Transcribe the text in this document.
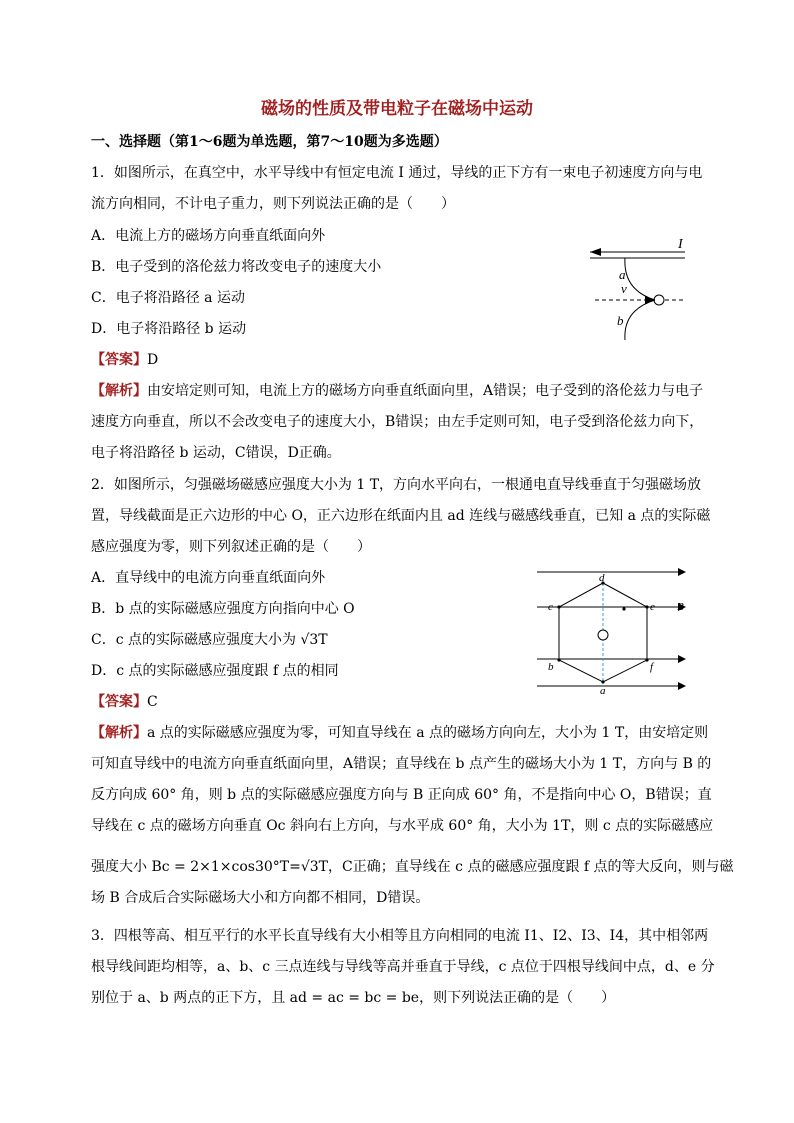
磁场的性质及带电粒子在磁场中运动
一、选择题（第1～6题为单选题，第7～10题为多选题）
1．如图所示，在真空中，水平导线中有恒定电流 I 通过，导线的正下方有一束电子初速度方向与电
流方向相同，不计电子重力，则下列说法正确的是（　　）
A．电流上方的磁场方向垂直纸面向外
B．电子受到的洛伦兹力将改变电子的速度大小
C．电子将沿路径 a 运动
D．电子将沿路径 b 运动
【答案】D
【解析】由安培定则可知，电流上方的磁场方向垂直纸面向里，A错误；电子受到的洛伦兹力与电子
速度方向垂直，所以不会改变电子的速度大小，B错误；由左手定则可知，电子受到洛伦兹力向下，
电子将沿路径 b 运动，C错误，D正确。
I
a
v
b
2．如图所示，匀强磁场磁感应强度大小为 1 T，方向水平向右，一根通电直导线垂直于匀强磁场放
置，导线截面是正六边形的中心 O，正六边形在纸面内且 ad 连线与磁感线垂直，已知 a 点的实际磁
感应强度为零，则下列叙述正确的是（　　）
A．直导线中的电流方向垂直纸面向外
B．b 点的实际磁感应强度方向指向中心 O
C．c 点的实际磁感应强度大小为 √3T
D．c 点的实际磁感应强度跟 f 点的相同
【答案】C
【解析】a 点的实际磁感应强度为零，可知直导线在 a 点的磁场方向向左，大小为 1 T，由安培定则
可知直导线中的电流方向垂直纸面向里，A错误；直导线在 b 点产生的磁场大小为 1 T，方向与 B 的
反方向成 60° 角，则 b 点的实际磁感应强度方向与 B 正向成 60° 角，不是指向中心 O，B错误；直
导线在 c 点的磁场方向垂直 Oc 斜向右上方向，与水平成 60° 角，大小为 1T，则 c 点的实际磁感应
强度大小 Bc = 2×1×cos30°T=√3T，C正确；直导线在 c 点的磁感应强度跟 f 点的等大反向，则与磁
场 B 合成后合实际磁场大小和方向都不相同，D错误。
d
c	e B
b	f
a
3．四根等高、相互平行的水平长直导线有大小相等且方向相同的电流 I1、I2、I3、I4，其中相邻两
根导线间距均相等，a、b、c 三点连线与导线等高并垂直于导线，c 点位于四根导线间中点，d、e 分
别位于 a、b 两点的正下方，且 ad = ac = bc = be，则下列说法正确的是（　　）
